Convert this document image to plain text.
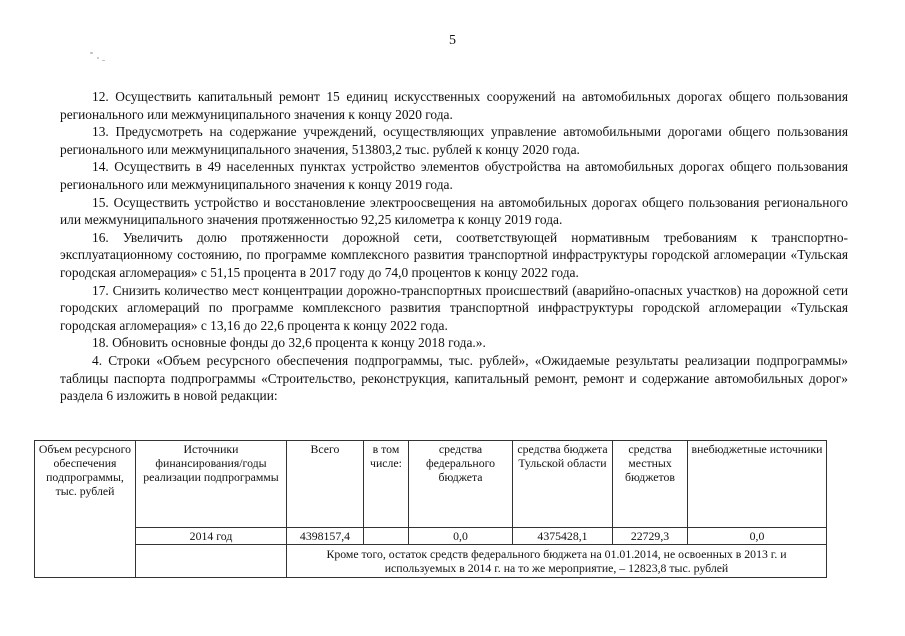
5

12. Осуществить капитальный ремонт 15 единиц искусственных сооружений на автомобильных дорогах общего пользования регионального или межмуниципального значения к концу 2020 года.

13. Предусмотреть на содержание учреждений, осуществляющих управление автомобильными дорогами общего пользования регионального или межмуниципального значения, 513803,2 тыс. рублей к концу 2020 года.

14. Осуществить в 49 населенных пунктах устройство элементов обустройства на автомобильных дорогах общего пользования регионального или межмуниципального значения к концу 2019 года.

15. Осуществить устройство и восстановление электроосвещения на автомобильных дорогах общего пользования регионального или межмуниципального значения протяженностью 92,25 километра к концу 2019 года.

16. Увеличить долю протяженности дорожной сети, соответствующей нормативным требованиям к транспортно-эксплуатационному состоянию, по программе комплексного развития транспортной инфраструктуры городской агломерации «Тульская городская агломерация» с 51,15 процента в 2017 году до 74,0 процентов к концу 2022 года.

17. Снизить количество мест концентрации дорожно-транспортных происшествий (аварийно-опасных участков) на дорожной сети городских агломераций по программе комплексного развития транспортной инфраструктуры городской агломерации «Тульская городская агломерация» с 13,16 до 22,6 процента к концу 2022 года.

18. Обновить основные фонды до 32,6 процента к концу 2018 года.».

4. Строки «Объем ресурсного обеспечения подпрограммы, тыс. рублей», «Ожидаемые результаты реализации подпрограммы» таблицы паспорта подпрограммы «Строительство, реконструкция, капитальный ремонт, ремонт и содержание автомобильных дорог» раздела 6 изложить в новой редакции:

Объем ресурсного обеспечения подпрограммы, тыс. рублей	Источники финансирования/годы реализации подпрограммы	Всего	в том числе:	средства федерального бюджета	средства бюджета Тульской области	средства местных бюджетов	внебюджетные источники
	2014 год	4398157,4		0,0	4375428,1	22729,3	0,0
		Кроме того, остаток средств федерального бюджета на 01.01.2014, не освоенных в 2013 г. и используемых в 2014 г. на то же мероприятие, – 12823,8 тыс. рублей					
